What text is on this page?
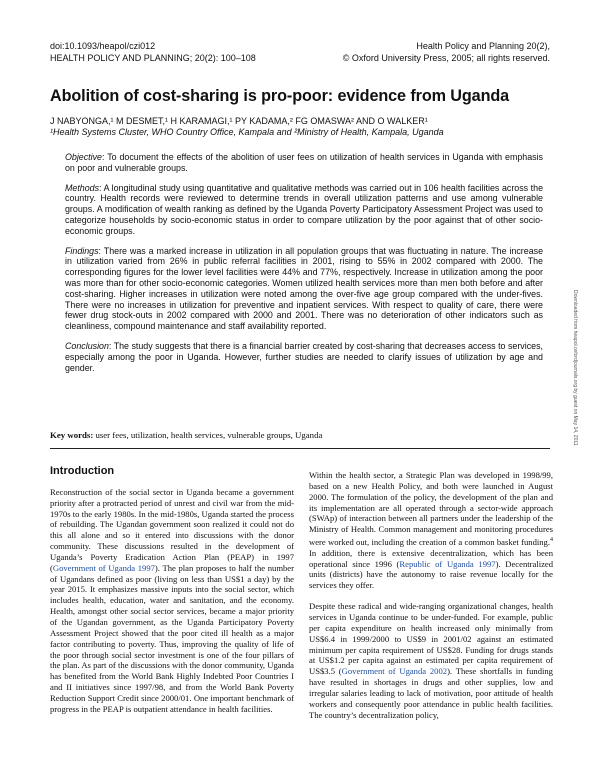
doi:10.1093/heapol/czi012
HEALTH POLICY AND PLANNING; 20(2): 100–108
Health Policy and Planning 20(2),
© Oxford University Press, 2005; all rights reserved.
Abolition of cost-sharing is pro-poor: evidence from Uganda
J NABYONGA,¹ M DESMET,¹ H KARAMAGI,¹ PY KADAMA,² FG OMASWA² AND O WALKER¹
¹Health Systems Cluster, WHO Country Office, Kampala and ²Ministry of Health, Kampala, Uganda

Objective: To document the effects of the abolition of user fees on utilization of health services in Uganda with emphasis on poor and vulnerable groups.

Methods: A longitudinal study using quantitative and qualitative methods was carried out in 106 health facilities across the country. Health records were reviewed to determine trends in overall utilization patterns and use among vulnerable groups. A modification of wealth ranking as defined by the Uganda Poverty Participatory Assessment Project was used to categorize households by socio-economic status in order to compare utilization by the poor against that of other socio-economic groups.

Findings: There was a marked increase in utilization in all population groups that was fluctuating in nature. The increase in utilization varied from 26% in public referral facilities in 2001, rising to 55% in 2002 compared with 2000. The corresponding figures for the lower level facilities were 44% and 77%, respectively. Increase in utilization among the poor was more than for other socio-economic categories. Women utilized health services more than men both before and after cost-sharing. Higher increases in utilization were noted among the over-five age group compared with the under-fives. There were no increases in utilization for preventive and inpatient services. With respect to quality of care, there were fewer drug stock-outs in 2002 compared with 2000 and 2001. There was no deterioration of other indicators such as cleanliness, compound maintenance and staff availability reported.

Conclusion: The study suggests that there is a financial barrier created by cost-sharing that decreases access to services, especially among the poor in Uganda. However, further studies are needed to clarify issues of utilization by age and gender.

Key words: user fees, utilization, health services, vulnerable groups, Uganda

Introduction

Reconstruction of the social sector in Uganda became a government priority after a protracted period of unrest and civil war from the mid-1970s to the early 1980s. In the mid-1980s, Uganda started the process of rebuilding. The Ugandan government soon realized it could not do this all alone and so it entered into discussions with the donor community. These discussions resulted in the development of Uganda’s Poverty Eradication Action Plan (PEAP) in 1997 (Government of Uganda 1997). The plan proposes to half the number of Ugandans defined as poor (living on less than US$1 a day) by the year 2015. It emphasizes massive inputs into the social sector, which includes health, education, water and sanitation, and the economy. Health, amongst other social sector services, became a major priority of the Ugandan government, as the Uganda Participatory Poverty Assessment Project showed that the poor cited ill health as a major factor contributing to poverty. Thus, improving the quality of life of the poor through social sector investment is one of the four pillars of the plan. As part of the discussions with the donor community, Uganda has benefited from the World Bank Highly Indebted Poor Countries I and II initiatives since 1997/98, and from the World Bank Poverty Reduction Support Credit since 2000/01. One important benchmark of progress in the PEAP is outpatient attendance in health facilities.

Within the health sector, a Strategic Plan was developed in 1998/99, based on a new Health Policy, and both were launched in August 2000. The formulation of the policy, the development of the plan and its implementation are all operated through a sector-wide approach (SWAp) of interaction between all partners under the leadership of the Ministry of Health. Common management and monitoring procedures were worked out, including the creation of a common basket funding.$^4$ In addition, there is extensive decentralization, which has been operational since 1996 (Republic of Uganda 1997). Decentralized units (districts) have the autonomy to raise revenue locally for the services they offer.

Despite these radical and wide-ranging organizational changes, health services in Uganda continue to be under-funded. For example, public per capita expenditure on health increased only minimally from US$6.4 in 1999/2000 to US$9 in 2001/02 against an estimated minimum per capita requirement of US$28. Funding for drugs stands at US$1.2 per capita against an estimated per capita requirement of US$3.5 (Government of Uganda 2002). These shortfalls in funding have resulted in shortages in drugs and other supplies, low and irregular salaries leading to lack of motivation, poor attitude of health workers and consequently poor attendance in public health facilities. The country’s decentralization policy,

Downloaded from heapol.oxfordjournals.org by guest on May 14, 2011
